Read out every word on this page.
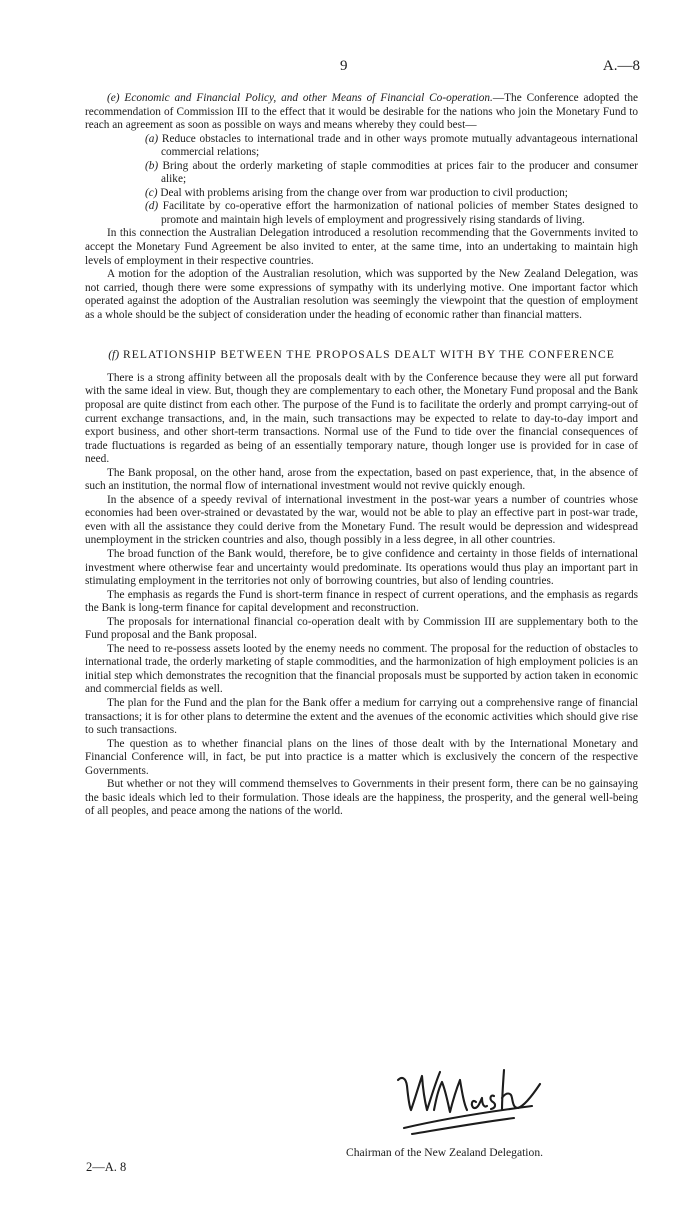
9	A.—8

(e) Economic and Financial Policy, and other Means of Financial Co-operation.—The Conference adopted the recommendation of Commission III to the effect that it would be desirable for the nations who join the Monetary Fund to reach an agreement as soon as possible on ways and means whereby they could best—

(a) Reduce obstacles to international trade and in other ways promote mutually advantageous international commercial relations;
(b) Bring about the orderly marketing of staple commodities at prices fair to the producer and consumer alike;
(c) Deal with problems arising from the change over from war production to civil production;
(d) Facilitate by co-operative effort the harmonization of national policies of member States designed to promote and maintain high levels of employment and progressively rising standards of living.

In this connection the Australian Delegation introduced a resolution recommending that the Governments invited to accept the Monetary Fund Agreement be also invited to enter, at the same time, into an undertaking to maintain high levels of employment in their respective countries.

A motion for the adoption of the Australian resolution, which was supported by the New Zealand Delegation, was not carried, though there were some expressions of sympathy with its underlying motive. One important factor which operated against the adoption of the Australian resolution was seemingly the viewpoint that the question of employment as a whole should be the subject of consideration under the heading of economic rather than financial matters.

(f) RELATIONSHIP BETWEEN THE PROPOSALS DEALT WITH BY THE CONFERENCE

There is a strong affinity between all the proposals dealt with by the Conference because they were all put forward with the same ideal in view. But, though they are complementary to each other, the Monetary Fund proposal and the Bank proposal are quite distinct from each other. The purpose of the Fund is to facilitate the orderly and prompt carrying-out of current exchange transactions, and, in the main, such transactions may be expected to relate to day-to-day import and export business, and other short-term transactions. Normal use of the Fund to tide over the financial consequences of trade fluctuations is regarded as being of an essentially temporary nature, though longer use is provided for in case of need.

The Bank proposal, on the other hand, arose from the expectation, based on past experience, that, in the absence of such an institution, the normal flow of international investment would not revive quickly enough.

In the absence of a speedy revival of international investment in the post-war years a number of countries whose economies had been over-strained or devastated by the war, would not be able to play an effective part in post-war trade, even with all the assistance they could derive from the Monetary Fund. The result would be depression and widespread unemployment in the stricken countries and also, though possibly in a less degree, in all other countries.

The broad function of the Bank would, therefore, be to give confidence and certainty in those fields of international investment where otherwise fear and uncertainty would predominate. Its operations would thus play an important part in stimulating employment in the territories not only of borrowing countries, but also of lending countries.

The emphasis as regards the Fund is short-term finance in respect of current operations, and the emphasis as regards the Bank is long-term finance for capital development and reconstruction.

The proposals for international financial co-operation dealt with by Commission III are supplementary both to the Fund proposal and the Bank proposal.

The need to re-possess assets looted by the enemy needs no comment. The proposal for the reduction of obstacles to international trade, the orderly marketing of staple commodities, and the harmonization of high employment policies is an initial step which demonstrates the recognition that the financial proposals must be supported by action taken in economic and commercial fields as well.

The plan for the Fund and the plan for the Bank offer a medium for carrying out a comprehensive range of financial transactions; it is for other plans to determine the extent and the avenues of the economic activities which should give rise to such transactions.

The question as to whether financial plans on the lines of those dealt with by the International Monetary and Financial Conference will, in fact, be put into practice is a matter which is exclusively the concern of the respective Governments.

But whether or not they will commend themselves to Governments in their present form, there can be no gainsaying the basic ideals which led to their formulation. Those ideals are the happiness, the prosperity, and the general well-being of all peoples, and peace among the nations of the world.

Chairman of the New Zealand Delegation.
2—A. 8
